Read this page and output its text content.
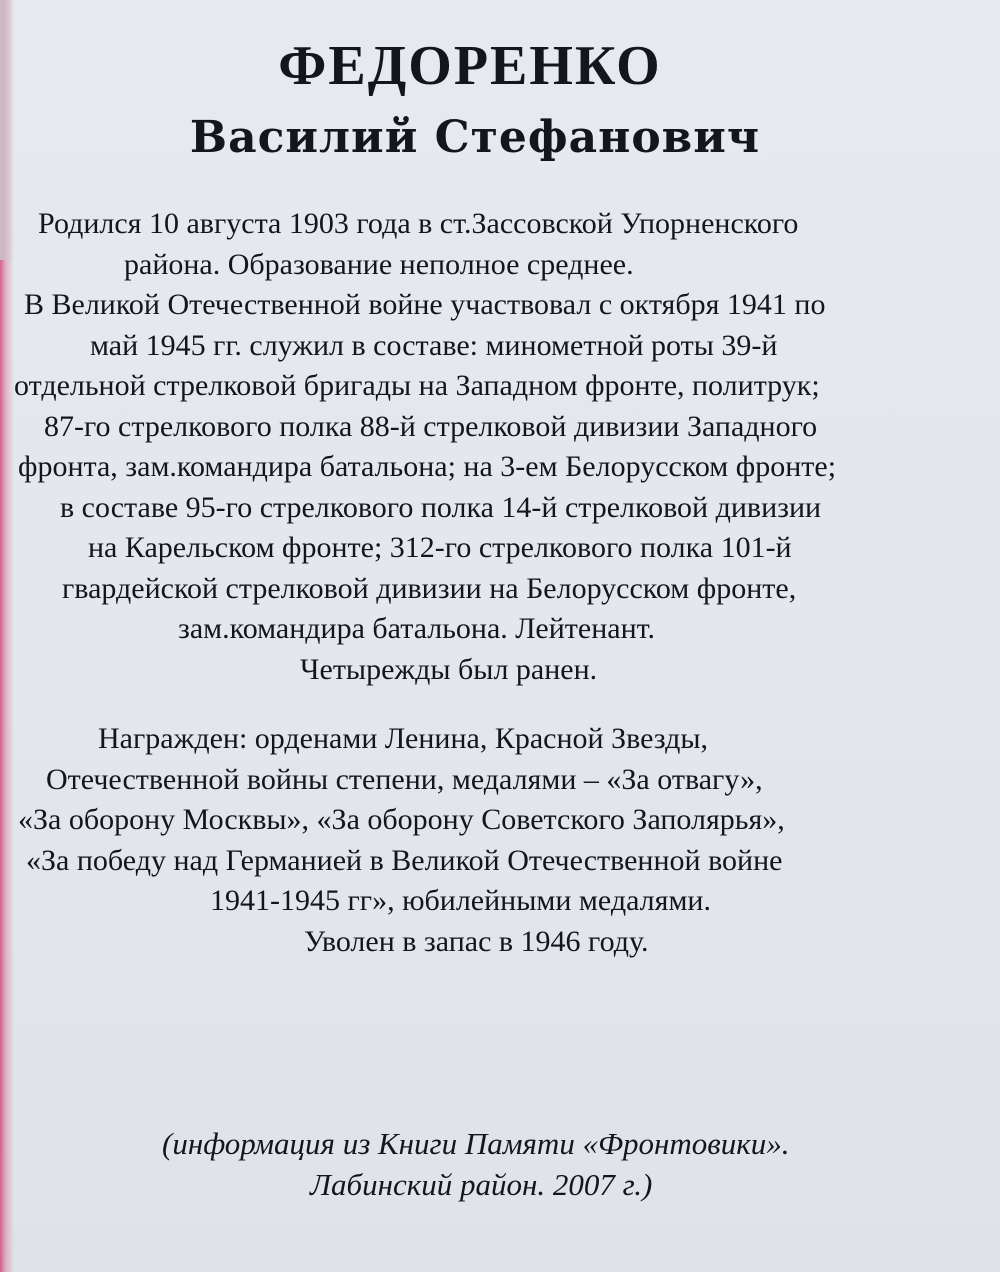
ФЕДОРЕНКО
Василий Стефанович
Родился 10 августа 1903 года в ст.Зассовской Упорненского
района. Образование неполное среднее.
В Великой Отечественной войне участвовал с октября 1941 по
май 1945 гг. служил в составе: минометной роты 39-й
отдельной стрелковой бригады на Западном фронте, политрук;
87-го стрелкового полка 88-й стрелковой дивизии Западного
фронта, зам.командира батальона; на 3-ем Белорусском фронте;
в составе 95-го стрелкового полка 14-й стрелковой дивизии
на Карельском фронте; 312-го стрелкового полка 101-й
гвардейской стрелковой дивизии на Белорусском фронте,
зам.командира батальона. Лейтенант.
Четырежды был ранен.
Награжден: орденами Ленина, Красной Звезды,
Отечественной войны степени, медалями – «За отвагу»,
«За оборону Москвы», «За оборону Советского Заполярья»,
«За победу над Германией в Великой Отечественной войне
1941-1945 гг», юбилейными медалями.
Уволен в запас в 1946 году.
(информация из Книги Памяти «Фронтовики».
Лабинский район. 2007 г.)
